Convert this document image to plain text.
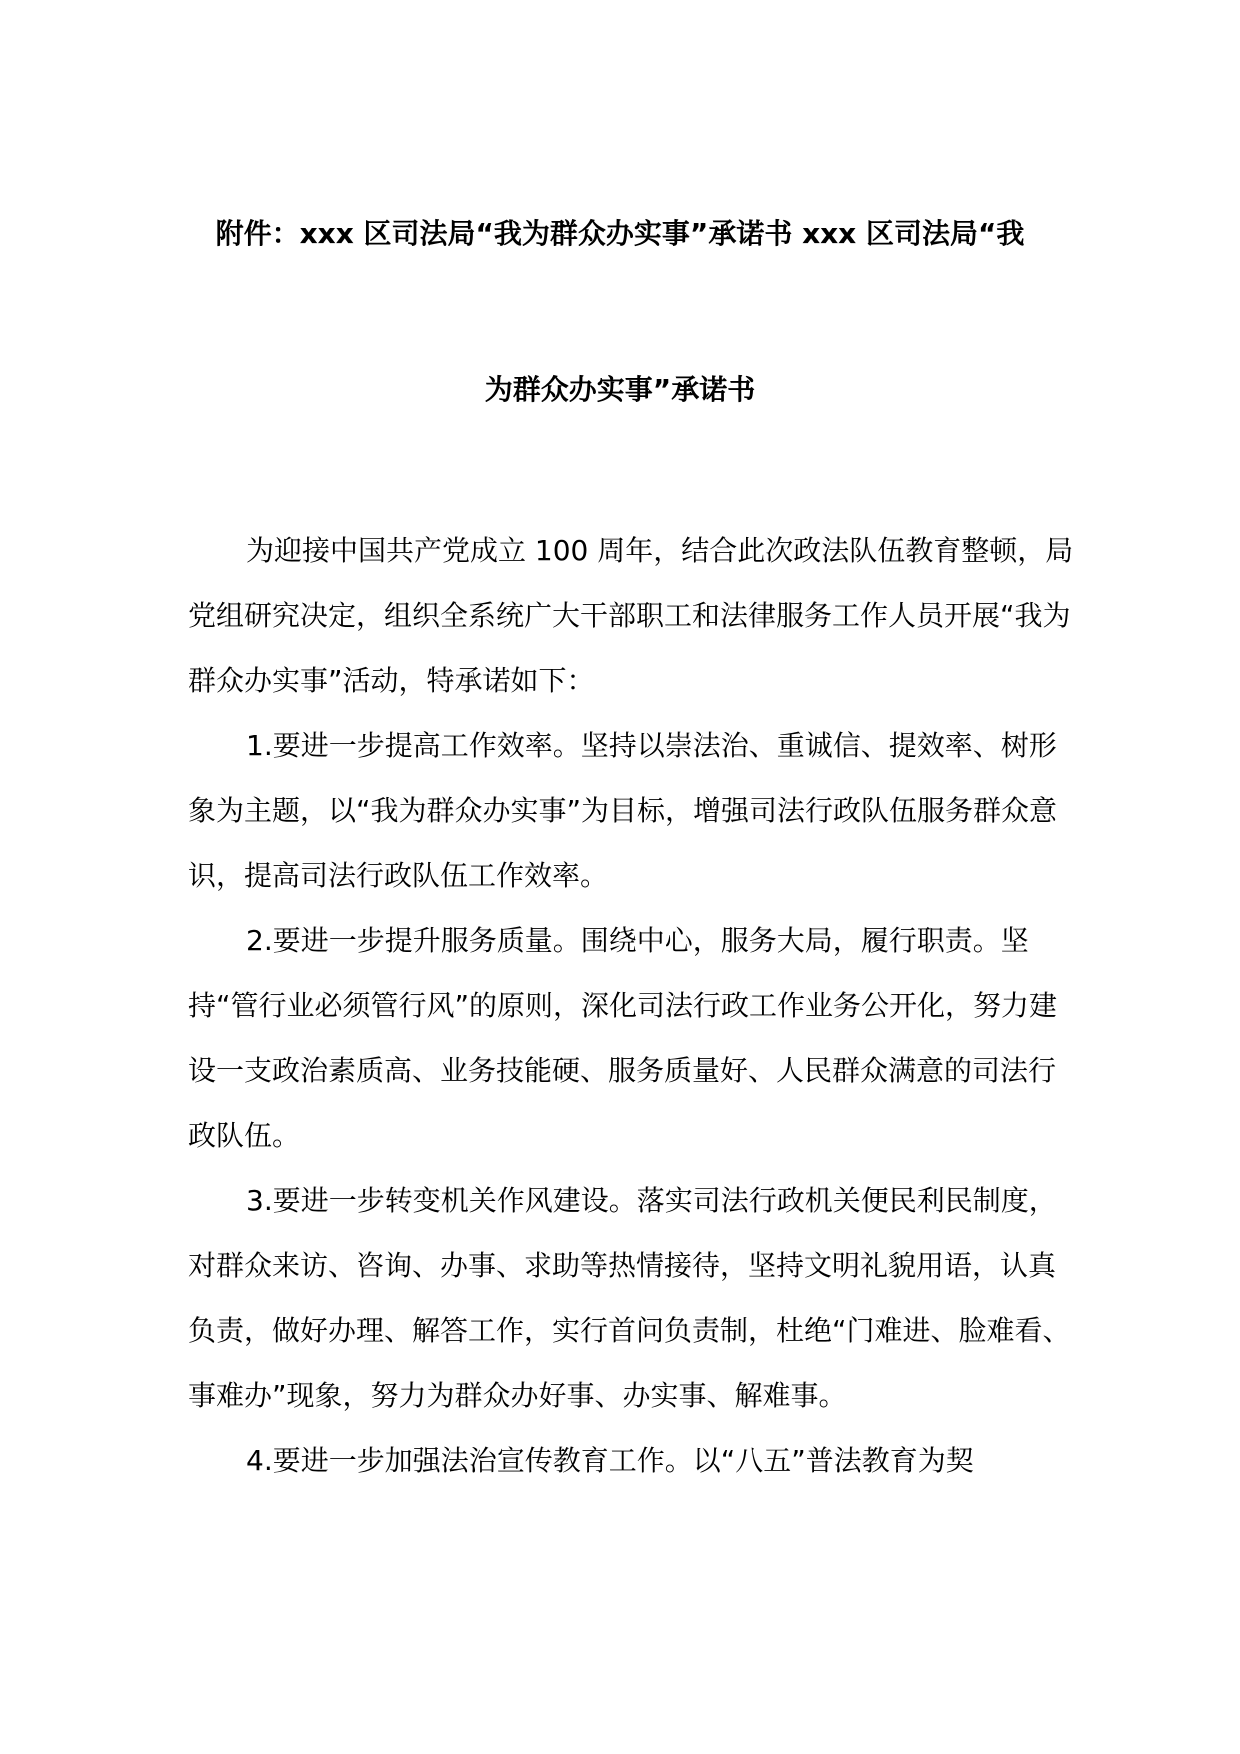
附件：xxx 区司法局“我为群众办实事”承诺书 xxx 区司法局“我
为群众办实事”承诺书

为迎接中国共产党成立 100 周年，结合此次政法队伍教育整顿，局党组研究决定，组织全系统广大干部职工和法律服务工作人员开展“我为群众办实事”活动，特承诺如下：

1.要进一步提高工作效率。坚持以崇法治、重诚信、提效率、树形象为主题，以“我为群众办实事”为目标，增强司法行政队伍服务群众意识，提高司法行政队伍工作效率。

2.要进一步提升服务质量。围绕中心，服务大局，履行职责。坚持“管行业必须管行风”的原则，深化司法行政工作业务公开化，努力建设一支政治素质高、业务技能硬、服务质量好、人民群众满意的司法行政队伍。

3.要进一步转变机关作风建设。落实司法行政机关便民利民制度，对群众来访、咨询、办事、求助等热情接待，坚持文明礼貌用语，认真负责，做好办理、解答工作，实行首问负责制，杜绝“门难进、脸难看、事难办”现象，努力为群众办好事、办实事、解难事。

4.要进一步加强法治宣传教育工作。以“八五”普法教育为契
